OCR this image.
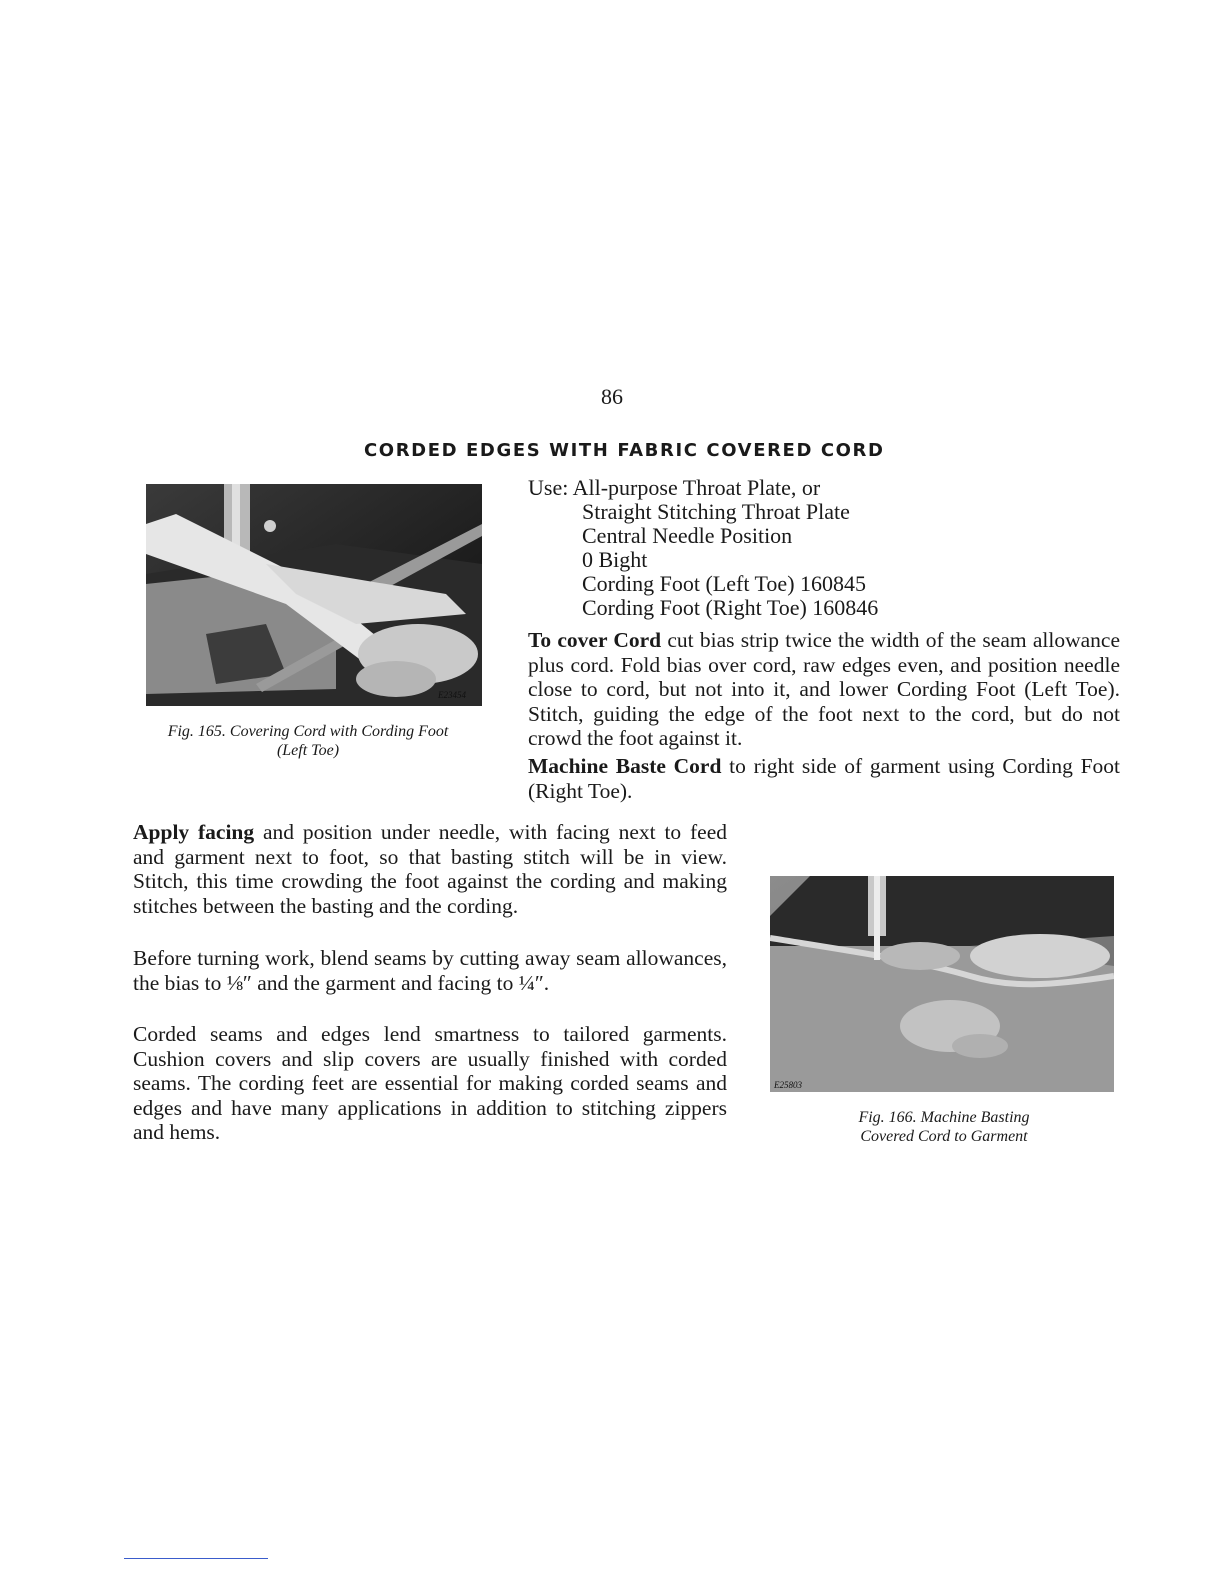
86
CORDED EDGES WITH FABRIC COVERED CORD
E23454
Fig. 165. Covering Cord with Cording Foot
(Left Toe)
Use: All-purpose Throat Plate, or
Straight Stitching Throat Plate
Central Needle Position
0 Bight
Cording Foot (Left Toe) 160845
Cording Foot (Right Toe) 160846

To cover Cord cut bias strip twice the width of the seam allowance plus cord. Fold bias over cord, raw edges even, and position needle close to cord, but not into it, and lower Cording Foot (Left Toe). Stitch, guiding the edge of the foot next to the cord, but do not crowd the foot against it.

Machine Baste Cord to right side of garment using Cording Foot (Right Toe).

Apply facing and position under needle, with facing next to feed and garment next to foot, so that basting stitch will be in view. Stitch, this time crowding the foot against the cording and making stitches between the basting and the cording.

Before turning work, blend seams by cutting away seam allowances, the bias to ⅛″ and the garment and facing to ¼″.

Corded seams and edges lend smartness to tailored garments. Cushion covers and slip covers are usually finished with corded seams. The cording feet are essential for making corded seams and edges and have many applications in addition to stitching zippers and hems.

E25803
Fig. 166. Machine Basting
Covered Cord to Garment
